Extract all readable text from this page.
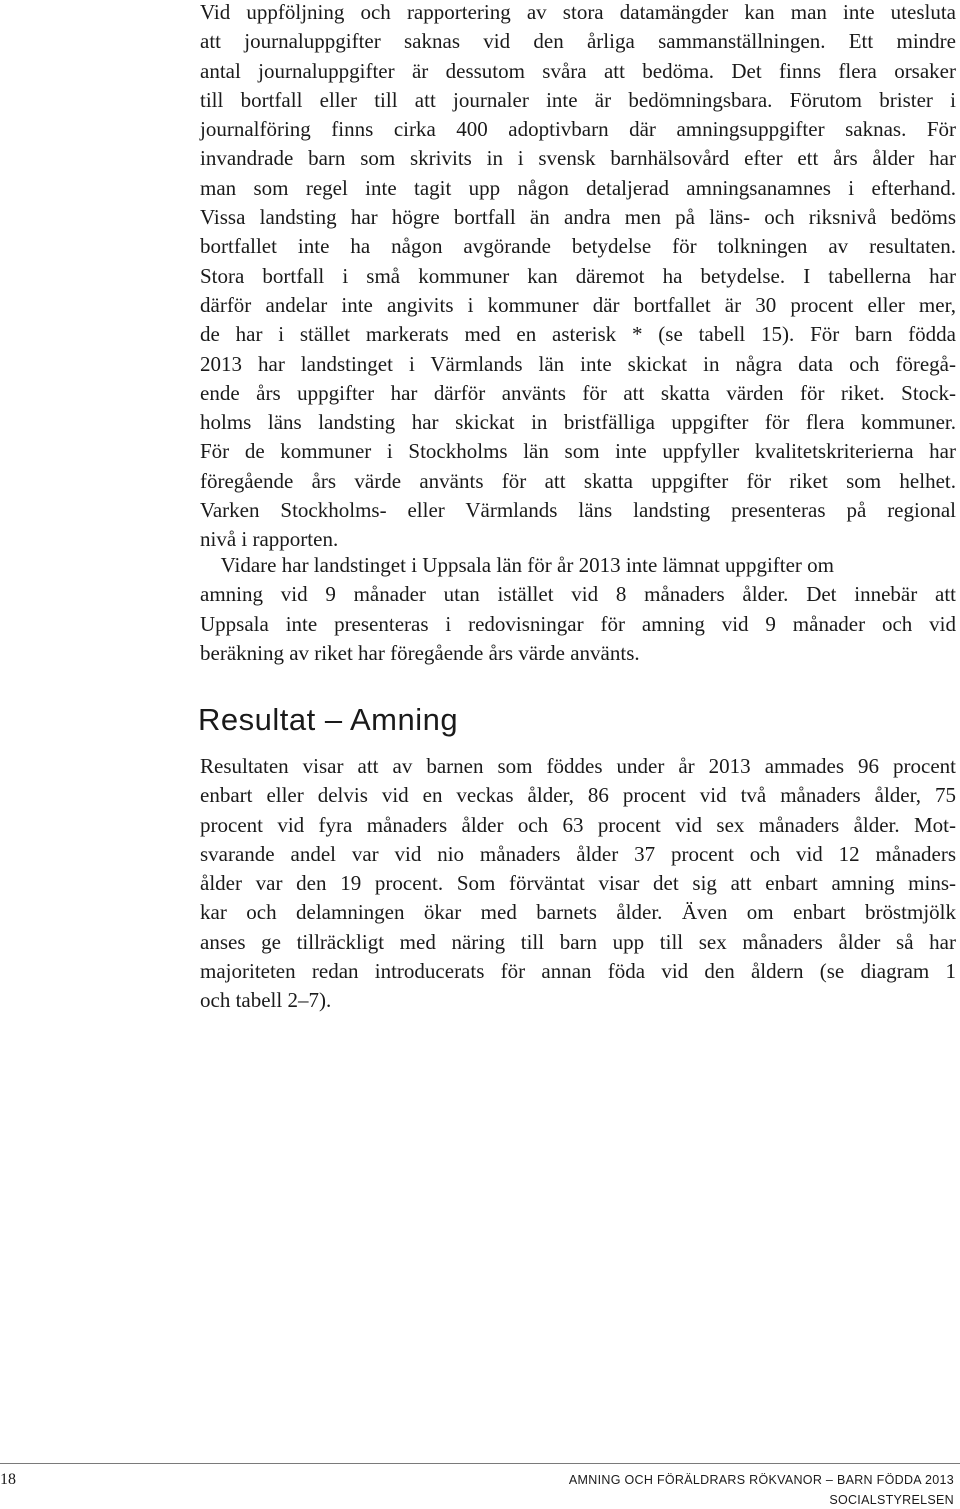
Vid uppföljning och rapportering av stora datamängder kan man inte utesluta
att journaluppgifter saknas vid den årliga sammanställningen. Ett mindre
antal journaluppgifter är dessutom svåra att bedöma. Det finns flera orsaker
till bortfall eller till att journaler inte är bedömningsbara. Förutom brister i
journalföring finns cirka 400 adoptivbarn där amningsuppgifter saknas. För
invandrade barn som skrivits in i svensk barnhälsovård efter ett års ålder har
man som regel inte tagit upp någon detaljerad amningsanamnes i efterhand.
Vissa landsting har högre bortfall än andra men på läns- och riksnivå bedöms
bortfallet inte ha någon avgörande betydelse för tolkningen av resultaten.
Stora bortfall i små kommuner kan däremot ha betydelse. I tabellerna har
därför andelar inte angivits i kommuner där bortfallet är 30 procent eller mer,
de har i stället markerats med en asterisk * (se tabell 15). För barn födda
2013 har landstinget i Värmlands län inte skickat in några data och föregå-
ende års uppgifter har därför använts för att skatta värden för riket. Stock-
holms läns landsting har skickat in bristfälliga uppgifter för flera kommuner.
För de kommuner i Stockholms län som inte uppfyller kvalitetskriterierna har
föregående års värde använts för att skatta uppgifter för riket som helhet.
Varken Stockholms- eller Värmlands läns landsting presenteras på regional
nivå i rapporten.
Vidare har landstinget i Uppsala län för år 2013 inte lämnat uppgifter om
amning vid 9 månader utan istället vid 8 månaders ålder. Det innebär att
Uppsala inte presenteras i redovisningar för amning vid 9 månader och vid
beräkning av riket har föregående års värde använts.
Resultat – Amning
Resultaten visar att av barnen som föddes under år 2013 ammades 96 procent
enbart eller delvis vid en veckas ålder, 86 procent vid två månaders ålder, 75
procent vid fyra månaders ålder och 63 procent vid sex månaders ålder. Mot-
svarande andel var vid nio månaders ålder 37 procent och vid 12 månaders
ålder var den 19 procent. Som förväntat visar det sig att enbart amning mins-
kar och delamningen ökar med barnets ålder. Även om enbart bröstmjölk
anses ge tillräckligt med näring till barn upp till sex månaders ålder så har
majoriteten redan introducerats för annan föda vid den åldern (se diagram 1
och tabell 2–7).
18	AMNING OCH FÖRÄLDRARS RÖKVANOR – BARN FÖDDA 2013
SOCIALSTYRELSEN
